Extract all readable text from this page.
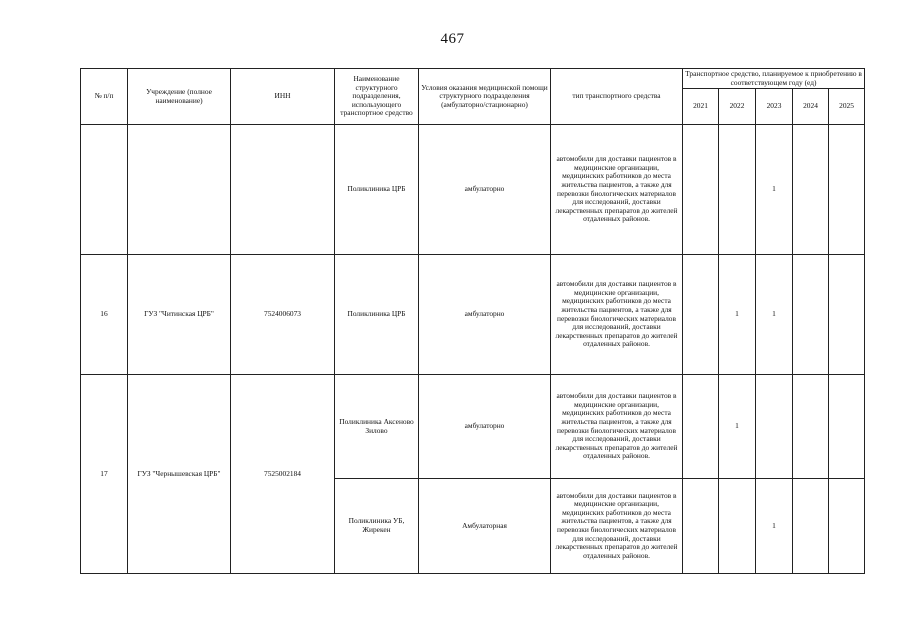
467
№ п/п	Учреждение (полное наименование)	ИНН	Наименование структурного подразделения, использующего транспортное средство	Условия оказания медицинской помощи структурного подразделения (амбулаторно/стационарно)	тип транспортного средства	Транспортное средство, планируемое к приобретению в соответствующем году (ед)				
						2021	2022	2023	2024	2025
			Поликлиника ЦРБ	амбулаторно	автомобили для доставки пациентов в медицинские организации, медицинских работников до места жительства пациентов, а также для перевозки биологических материалов для исследований, доставки лекарственных препаратов до жителей отдаленных районов.			1		
16	ГУЗ "Читинская ЦРБ"	7524006073	Поликлиника ЦРБ	амбулаторно	автомобили для доставки пациентов в медицинские организации, медицинских работников до места жительства пациентов, а также для перевозки биологических материалов для исследований, доставки лекарственных препаратов до жителей отдаленных районов.		1	1		
17	ГУЗ "Чернышевская ЦРБ"	7525002184	Поликлиника Аксеново Зиловo	амбулаторно	автомобили для доставки пациентов в медицинские организации, медицинских работников до места жительства пациентов, а также для перевозки биологических материалов для исследований, доставки лекарственных препаратов до жителей отдаленных районов.		1			
			Поликлиника УБ, Жирекен	Амбулаторная	автомобили для доставки пациентов в медицинские организации, медицинских работников до места жительства пациентов, а также для перевозки биологических материалов для исследований, доставки лекарственных препаратов до жителей отдаленных районов.			1		
